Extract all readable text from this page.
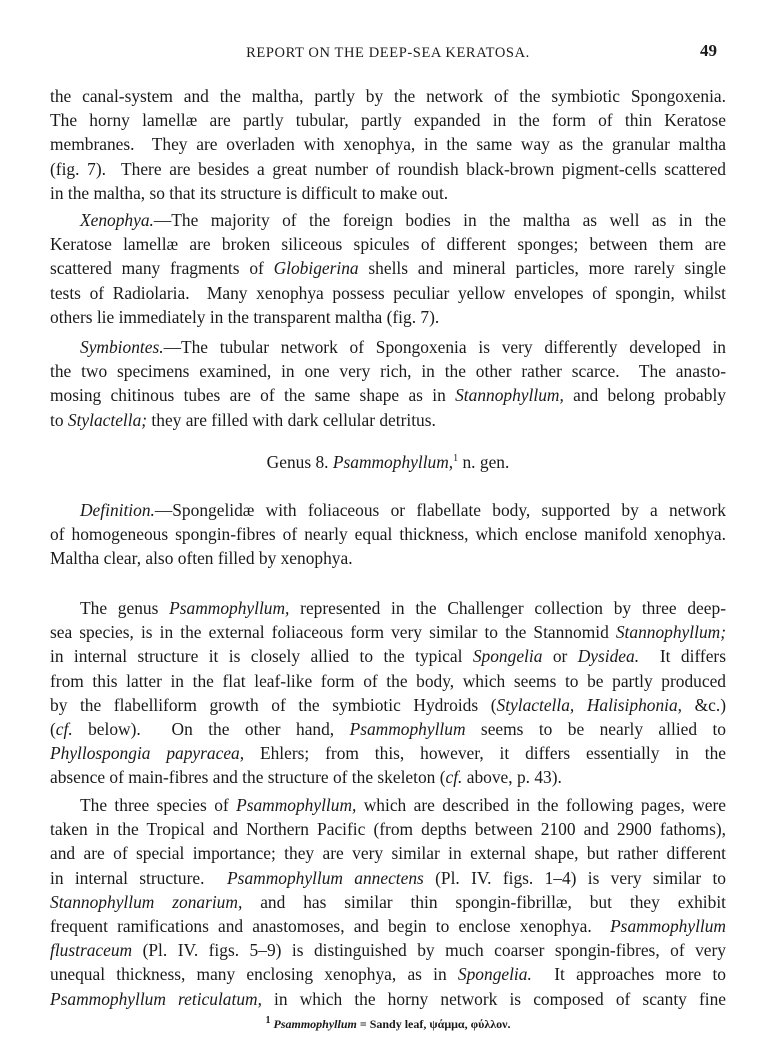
REPORT ON THE DEEP-SEA KERATOSA.	49
the canal-system and the maltha, partly by the network of the symbiotic Spongoxenia.
The horny lamellæ are partly tubular, partly expanded in the form of thin Keratose
membranes.  They are overladen with xenophya, in the same way as the granular maltha
(fig. 7).  There are besides a great number of roundish black-brown pigment-cells scattered
in the maltha, so that its structure is difficult to make out.
Xenophya.—The majority of the foreign bodies in the maltha as well as in the
Keratose lamellæ are broken siliceous spicules of different sponges; between them are
scattered many fragments of Globigerina shells and mineral particles, more rarely single
tests of Radiolaria.  Many xenophya possess peculiar yellow envelopes of spongin, whilst
others lie immediately in the transparent maltha (fig. 7).
Symbiontes.—The tubular network of Spongoxenia is very differently developed in
the two specimens examined, in one very rich, in the other rather scarce.  The anasto-
mosing chitinous tubes are of the same shape as in Stannophyllum, and belong probably
to Stylactella; they are filled with dark cellular detritus.
Genus 8. Psammophyllum,$^1$ n. gen.
Definition.—Spongelidæ with foliaceous or flabellate body, supported by a network
of homogeneous spongin-fibres of nearly equal thickness, which enclose manifold xenophya.
Maltha clear, also often filled by xenophya.
The genus Psammophyllum, represented in the Challenger collection by three deep-
sea species, is in the external foliaceous form very similar to the Stannomid Stannophyllum;
in internal structure it is closely allied to the typical Spongelia or Dysidea.  It differs
from this latter in the flat leaf-like form of the body, which seems to be partly produced
by the flabelliform growth of the symbiotic Hydroids (Stylactella, Halisiphonia, &c.)
(cf. below).  On the other hand, Psammophyllum seems to be nearly allied to
Phyllospongia papyracea, Ehlers; from this, however, it differs essentially in the
absence of main-fibres and the structure of the skeleton (cf. above, p. 43).
The three species of Psammophyllum, which are described in the following pages, were
taken in the Tropical and Northern Pacific (from depths between 2100 and 2900 fathoms),
and are of special importance; they are very similar in external shape, but rather different
in internal structure.  Psammophyllum annectens (Pl. IV. figs. 1–4) is very similar to
Stannophyllum zonarium, and has similar thin spongin-fibrillæ, but they exhibit
frequent ramifications and anastomoses, and begin to enclose xenophya.  Psammophyllum
flustraceum (Pl. IV. figs. 5–9) is distinguished by much coarser spongin-fibres, of very
unequal thickness, many enclosing xenophya, as in Spongelia.  It approaches more to
Psammophyllum reticulatum, in which the horny network is composed of scanty fine
$^1$ Psammophyllum = Sandy leaf, ψάμμα, φύλλον.
